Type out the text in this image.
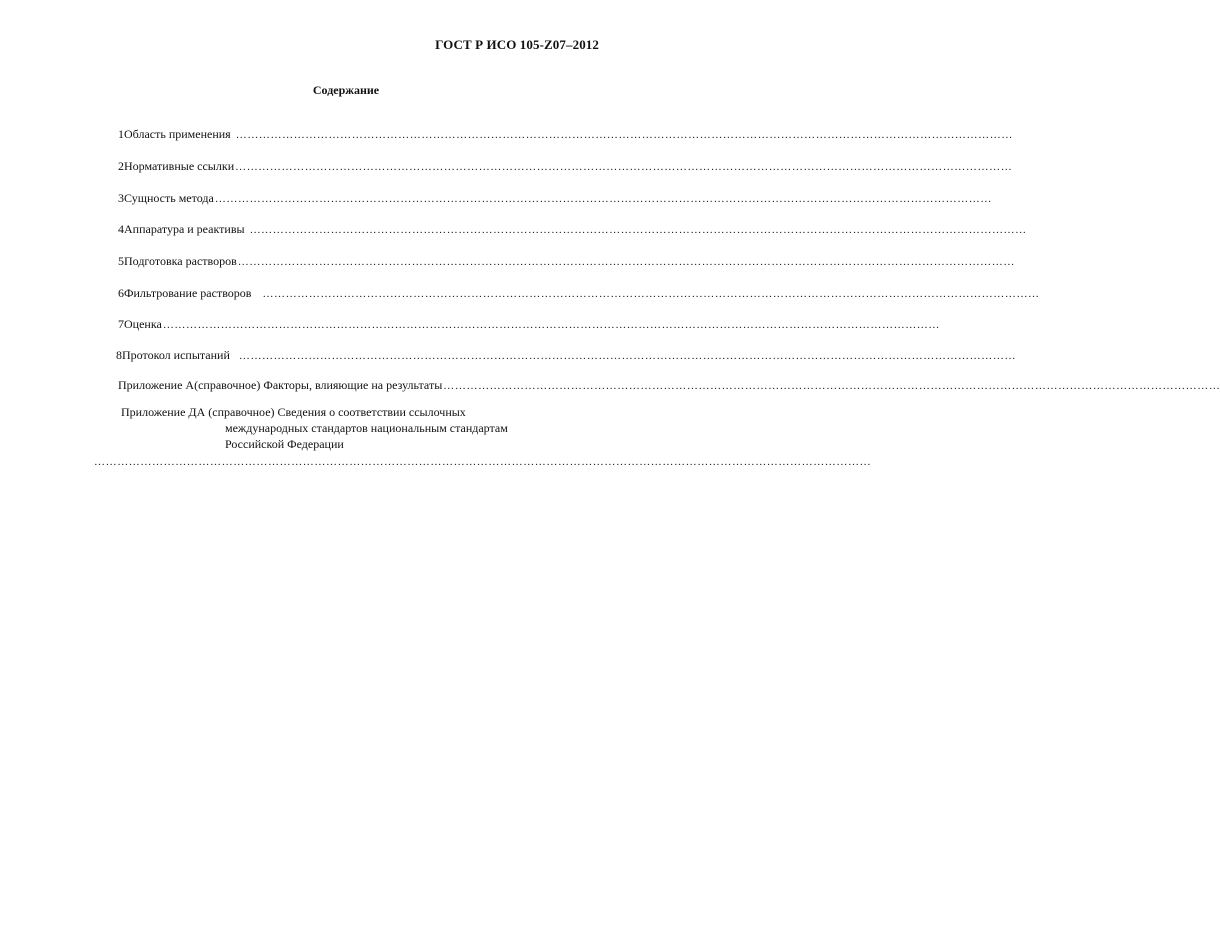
ГОСТ Р ИСО 105-Z07–2012
Содержание
1 Область применения …………………………………………………………………………………………………………………………………………………………………………………
2 Нормативные ссылки …………………………………………………………………………………………………………………………………………………………………………………
3 Сущность метода …………………………………………………………………………………………………………………………………………………………………………………
4 Аппаратура и реактивы …………………………………………………………………………………………………………………………………………………………………………………
5 Подготовка растворов …………………………………………………………………………………………………………………………………………………………………………………
6 Фильтрование растворов …………………………………………………………………………………………………………………………………………………………………………………
7 Оценка …………………………………………………………………………………………………………………………………………………………………………………
8 Протокол испытаний …………………………………………………………………………………………………………………………………………………………………………………
Приложение А(справочное) Факторы, влияющие на результаты …………………………………………………………………………………………………………………………………………………………………………………
Приложение ДА (справочное) Сведения о соответствии ссылочных
международных стандартов национальным стандартам
Российской Федерации
…………………………………………………………………………………………………………………………………………………………………………………
